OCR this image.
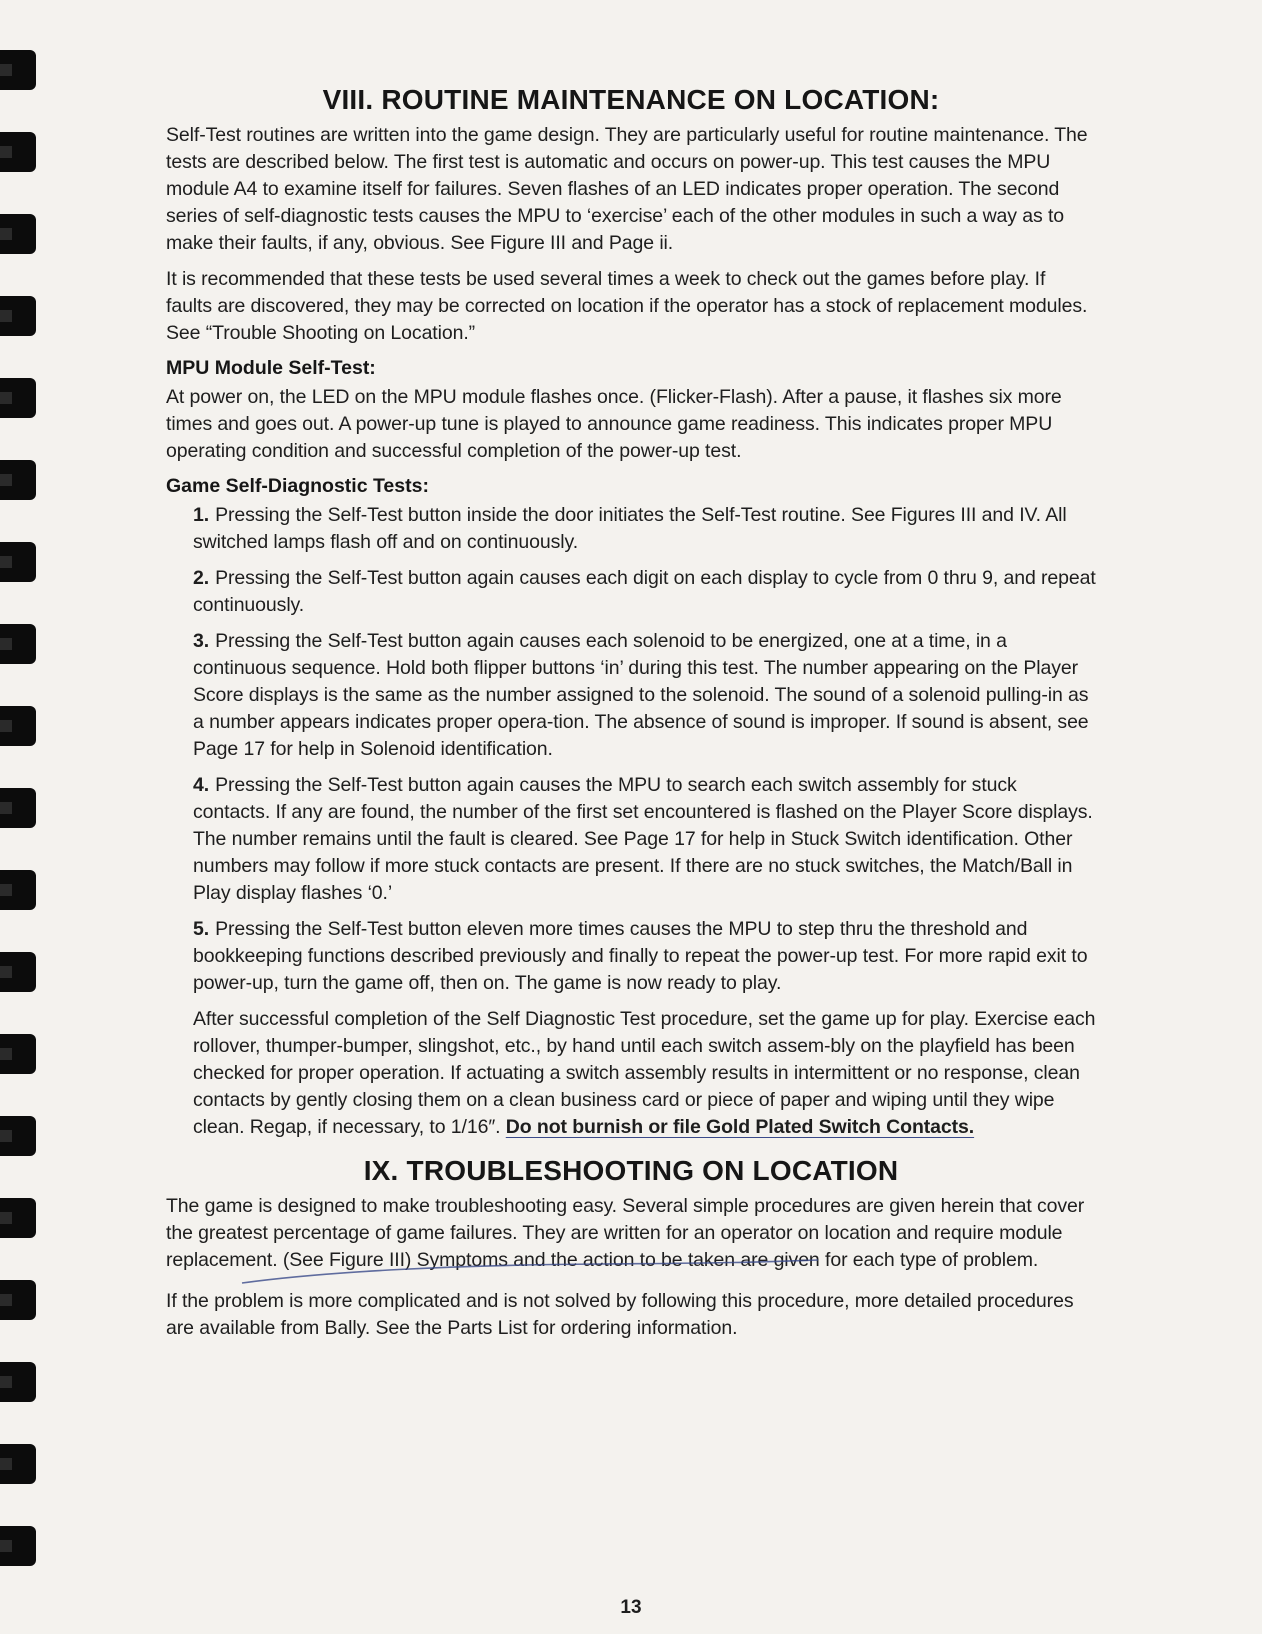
VIII. ROUTINE MAINTENANCE ON LOCATION:

Self-Test routines are written into the game design. They are particularly useful for routine maintenance. The tests are described below. The first test is automatic and occurs on power-up. This test causes the MPU module A4 to examine itself for failures. Seven flashes of an LED indicates proper operation. The second series of self-diagnostic tests causes the MPU to ‘exercise’ each of the other modules in such a way as to make their faults, if any, obvious. See Figure III and Page ii.

It is recommended that these tests be used several times a week to check out the games before play. If faults are discovered, they may be corrected on location if the operator has a stock of replacement modules. See “Trouble Shooting on Location.”

MPU Module Self-Test:

At power on, the LED on the MPU module flashes once. (Flicker-Flash). After a pause, it flashes six more times and goes out. A power-up tune is played to announce game readiness. This indicates proper MPU operating condition and successful completion of the power-up test.

Game Self-Diagnostic Tests:

1. Pressing the Self-Test button inside the door initiates the Self-Test routine. See Figures III and IV. All switched lamps flash off and on continuously.

2. Pressing the Self-Test button again causes each digit on each display to cycle from 0 thru 9, and repeat continuously.

3. Pressing the Self-Test button again causes each solenoid to be energized, one at a time, in a continuous sequence. Hold both flipper buttons ‘in’ during this test. The number appearing on the Player Score displays is the same as the number assigned to the solenoid. The sound of a solenoid pulling-in as a number appears indicates proper opera-tion. The absence of sound is improper. If sound is absent, see Page 17 for help in Solenoid identification.

4. Pressing the Self-Test button again causes the MPU to search each switch assembly for stuck contacts. If any are found, the number of the first set encountered is flashed on the Player Score displays. The number remains until the fault is cleared. See Page 17 for help in Stuck Switch identification. Other numbers may follow if more stuck contacts are present. If there are no stuck switches, the Match/Ball in Play display flashes ‘0.’

5. Pressing the Self-Test button eleven more times causes the MPU to step thru the threshold and bookkeeping functions described previously and finally to repeat the power-up test. For more rapid exit to power-up, turn the game off, then on. The game is now ready to play.

After successful completion of the Self Diagnostic Test procedure, set the game up for play. Exercise each rollover, thumper-bumper, slingshot, etc., by hand until each switch assem-bly on the playfield has been checked for proper operation. If actuating a switch assembly results in intermittent or no response, clean contacts by gently closing them on a clean business card or piece of paper and wiping until they wipe clean. Regap, if necessary, to 1/16″. Do not burnish or file Gold Plated Switch Contacts.

IX. TROUBLESHOOTING ON LOCATION

The game is designed to make troubleshooting easy. Several simple procedures are given herein that cover the greatest percentage of game failures. They are written for an operator on location and require module replacement. (See Figure III) Symptoms and the action to be taken are given for each type of problem.

If the problem is more complicated and is not solved by following this procedure, more detailed procedures are available from Bally. See the Parts List for ordering information.

13
